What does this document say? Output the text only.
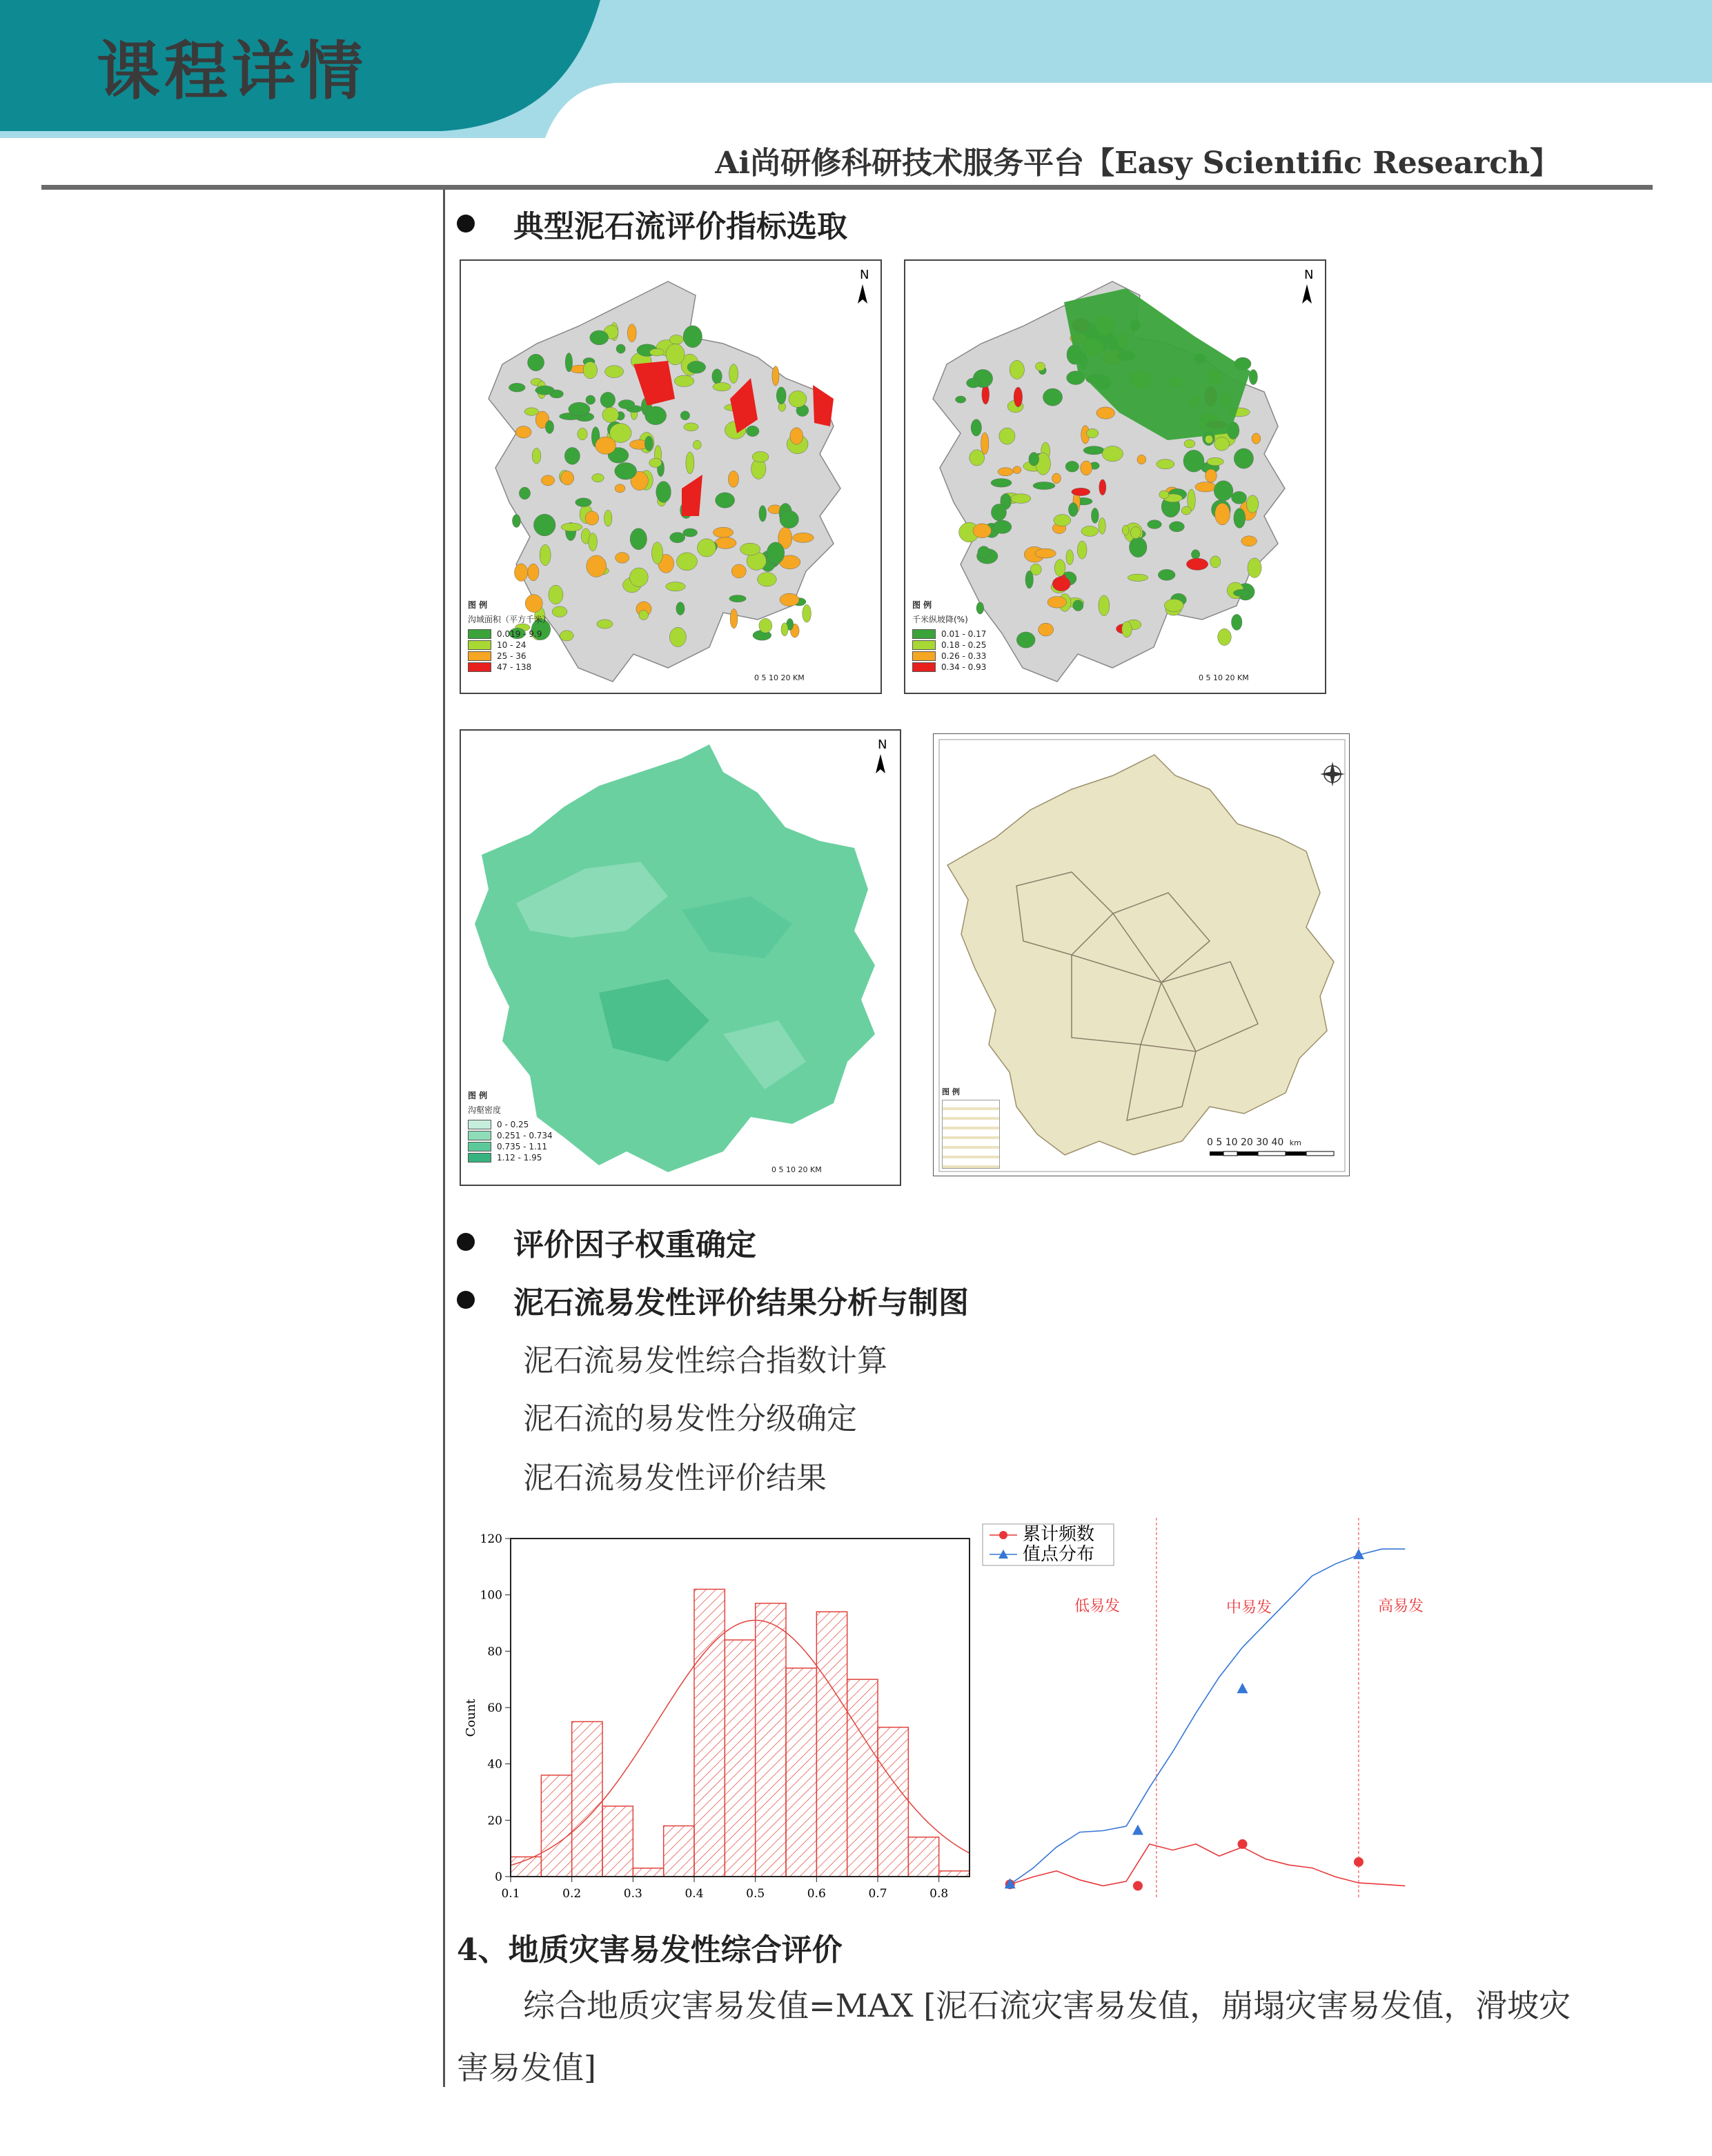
课程详情
Ai尚研修科研技术服务平台【Easy Scientific Research】
典型泥石流评价指标选取
N
图 例
沟域面积（平方千米）
0.019 - 9.9
10 - 24
25 - 36
47 - 138
0 5 10 20 KM
N
图 例
千米纵坡降(%)
0.01 - 0.17
0.18 - 0.25
0.26 - 0.33
0.34 - 0.93
0 5 10 20 KM
N
图 例
沟壑密度
0 - 0.25
0.251 - 0.734
0.735 - 1.11
1.12 - 1.95
0 5 10 20 KM
图 例
0 5 10 20 30 40 km
评价因子权重确定
泥石流易发性评价结果分析与制图
泥石流易发性综合指数计算
泥石流的易发性分级确定
泥石流易发性评价结果
0
20
40
60
80
100
120
0.1	0.2	0.3	0.4	0.5	0.6	0.7	0.8
Count
累计频数
值点分布
低易发	中易发	高易发
4、地质灾害易发性综合评价
综合地质灾害易发值=MAX [泥石流灾害易发值，崩塌灾害易发值，滑坡灾
害易发值]
